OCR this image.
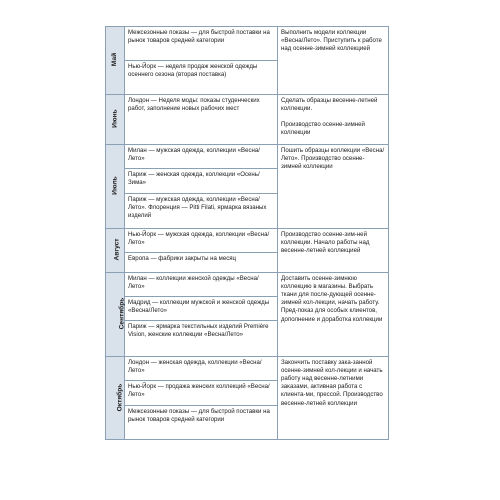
Май	Межсезонные показы — для быстрой поставки на рынок товаров средней категории	Выполнить модели коллекции «Весна/Лето». Приступить к работе над осенне-зимней коллекцией

	Нью-Йорк — неделя продаж женской одежды осеннего сезона (вторая поставка)	
Июнь	Лондон — Неделя моды: показы студенческих работ, заполнение новых рабочих мест	Сделать образцы весенне-летней коллекции.

Производство осенне-зимней коллекции

Июль	Милан — мужская одежда, коллекции «Весна/Лето»	Пошить образцы коллекции «Весна/Лето». Производство осенне-зимней коллекции

	Париж — женская одежда, коллекции «Осень/Зима»	
	Париж — мужская одежда, коллекции «Весна/Лето». Флоренция — Pitti Filati, ярмарка вязаных изделий	
Август	Нью-Йорк — мужская одежда, коллекции «Весна/Лето»	Производство осенне-зим-ней коллекции. Начало работы над весенне-летней коллекцией

	Европа — фабрики закрыты на месяц	
Сентябрь	Милан — коллекции женской одежды «Весна/Лето»	Доставить осенне-зимнюю коллекцию в магазины. Выбрать ткани для после-дующей осенне-зимней кол-лекции, начать работу. Пред-показ для особых клиентов, дополнение и доработка коллекции

	Мадрид — коллекции мужской и женской одежды «Весна/Лето»	
	Париж — ярмарка текстильных изделий Première Vision, женские коллекции «Весна/Лето»	
Октябрь	Лондон — женская одежда, коллекции «Весна/Лето»	Закончить поставку зака-занной осенне-зимней кол-лекции и начать работу над весенне-летними заказами, активная работа с клиента-ми, прессой. Производство весенне-летней коллекции

	Нью-Йорк — продажа женских коллекций «Весна/Лето»	
	Межсезонные показы — для быстрой поставки на рынок товаров средней категории	
